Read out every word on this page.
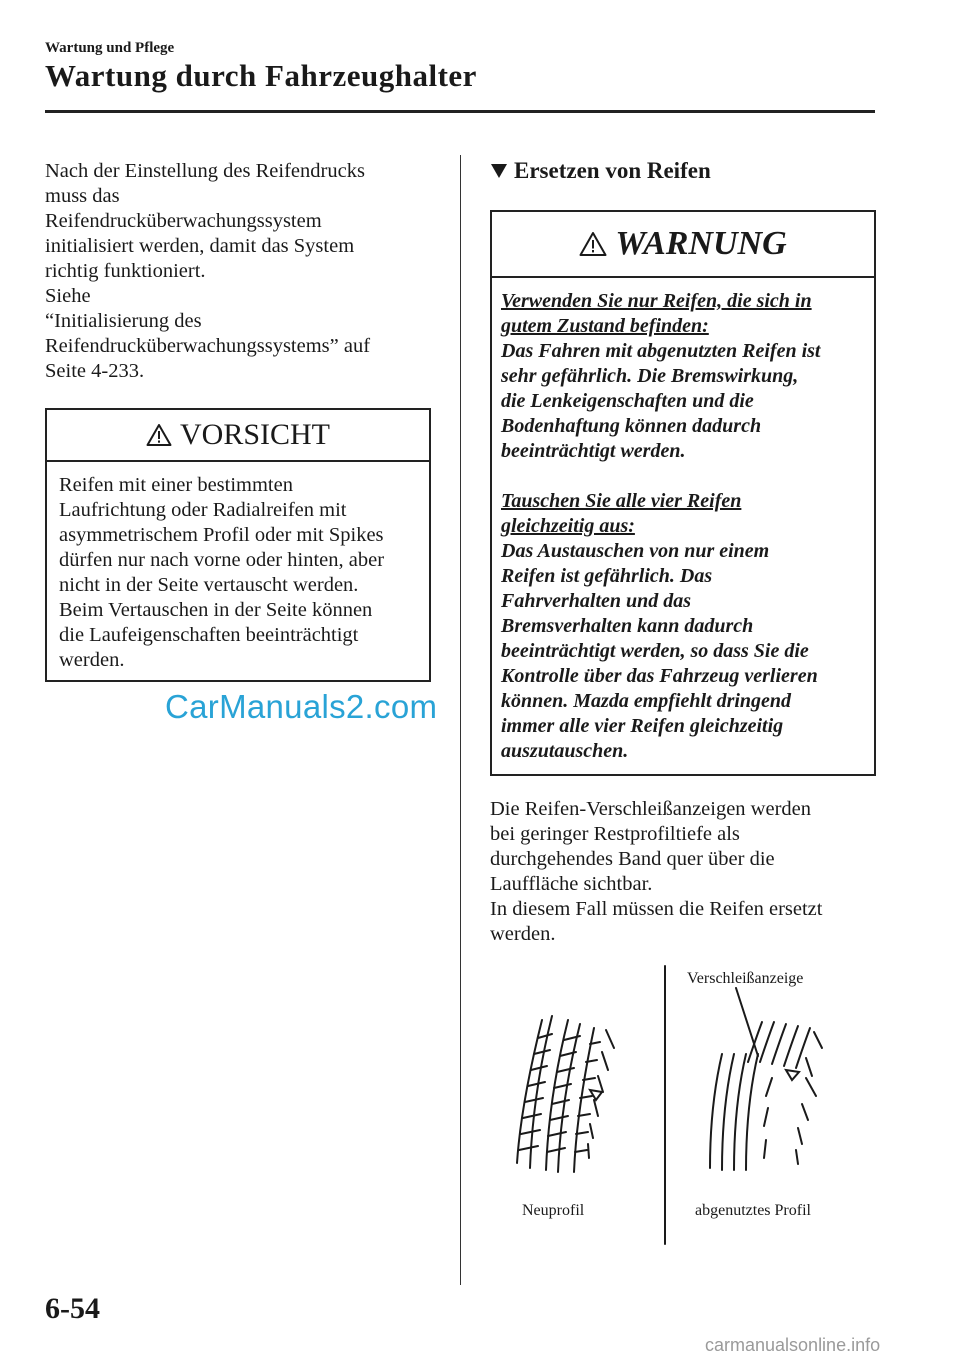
Wartung und Pflege
Wartung durch Fahrzeughalter
Nach der Einstellung des Reifendrucks
muss das
Reifendrucküberwachungssystem
initialisiert werden, damit das System
richtig funktioniert.
Siehe
“Initialisierung des
Reifendrucküberwachungssystems” auf
Seite 4-233.
VORSICHT
Reifen mit einer bestimmten
Laufrichtung oder Radialreifen mit
asymmetrischem Profil oder mit Spikes
dürfen nur nach vorne oder hinten, aber
nicht in der Seite vertauscht werden.
Beim Vertauschen in der Seite können
die Laufeigenschaften beeinträchtigt
werden.
CarManuals2.com
Ersetzen von Reifen
WARNUNG
Verwenden Sie nur Reifen, die sich in
gutem Zustand befinden:
Das Fahren mit abgenutzten Reifen ist
sehr gefährlich. Die Bremswirkung,
die Lenkeigenschaften und die
Bodenhaftung können dadurch
beeinträchtigt werden.
Tauschen Sie alle vier Reifen
gleichzeitig aus:
Das Austauschen von nur einem
Reifen ist gefährlich. Das
Fahrverhalten und das
Bremsverhalten kann dadurch
beeinträchtigt werden, so dass Sie die
Kontrolle über das Fahrzeug verlieren
können. Mazda empfiehlt dringend
immer alle vier Reifen gleichzeitig
auszutauschen.
Die Reifen-Verschleißanzeigen werden
bei geringer Restprofiltiefe als
durchgehendes Band quer über die
Lauffläche sichtbar.
In diesem Fall müssen die Reifen ersetzt
werden.
Verschleißanzeige
Neuprofil	abgenutztes Profil
6-54
carmanualsonline.info
